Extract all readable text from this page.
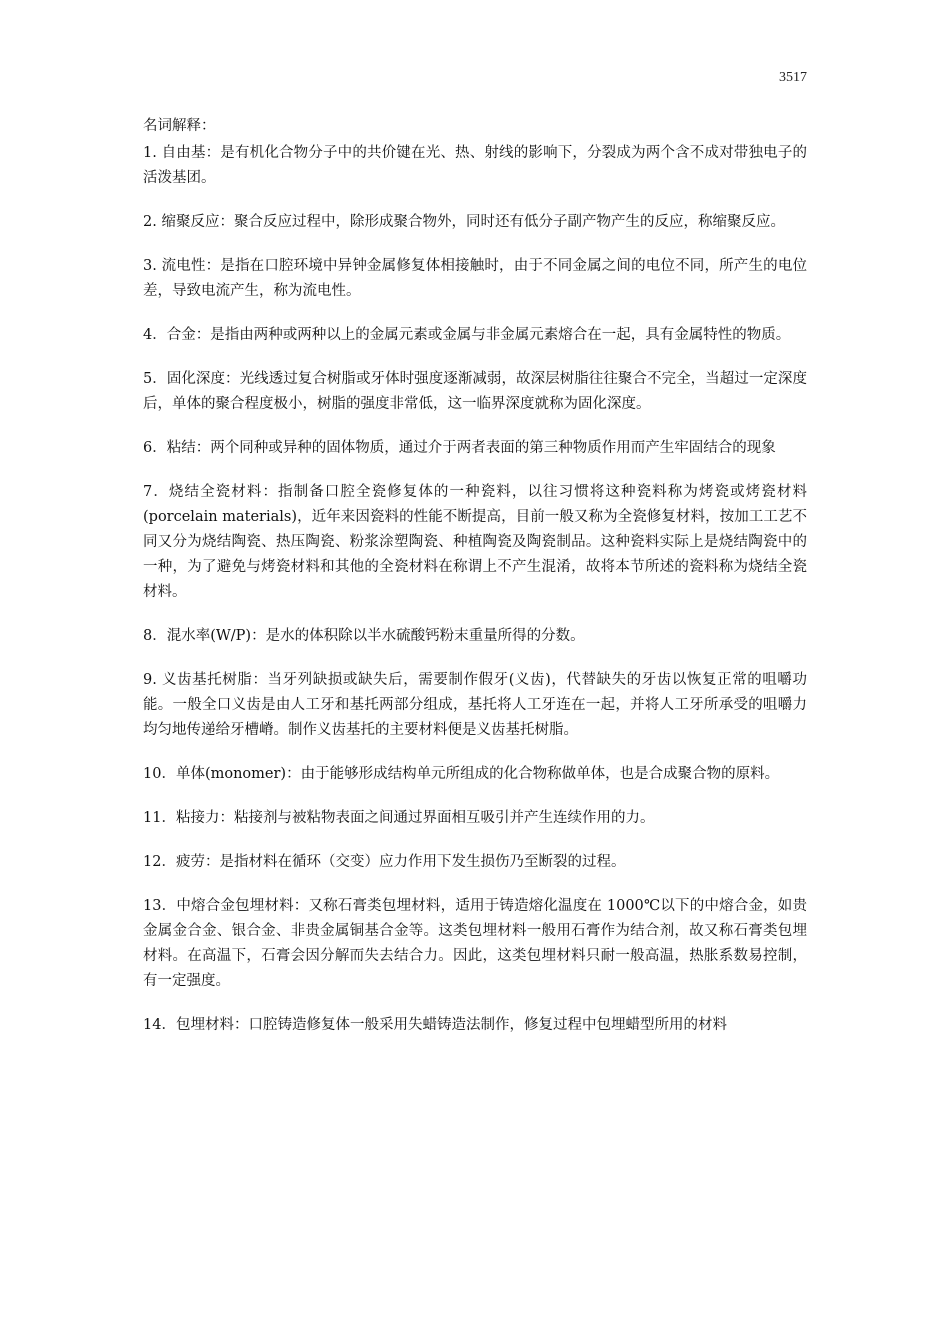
3517

名词解释：

1. 自由基：是有机化合物分子中的共价键在光、热、射线的影响下，分裂成为两个含不成对带独电子的活泼基团。

2. 缩聚反应：聚合反应过程中，除形成聚合物外，同时还有低分子副产物产生的反应，称缩聚反应。

3. 流电性：是指在口腔环境中异钟金属修复体相接触时，由于不同金属之间的电位不同，所产生的电位差，导致电流产生，称为流电性。

4．合金：是指由两种或两种以上的金属元素或金属与非金属元素熔合在一起，具有金属特性的物质。

5．固化深度：光线透过复合树脂或牙体时强度逐渐减弱，故深层树脂往往聚合不完全，当超过一定深度后，单体的聚合程度极小，树脂的强度非常低，这一临界深度就称为固化深度。

6．粘结：两个同种或异种的固体物质，通过介于两者表面的第三种物质作用而产生牢固结合的现象

7．烧结全瓷材料：指制备口腔全瓷修复体的一种瓷料，以往习惯将这种瓷料称为烤瓷或烤瓷材料(porcelain materials)，近年来因瓷料的性能不断提高，目前一般又称为全瓷修复材料，按加工工艺不同又分为烧结陶瓷、热压陶瓷、粉浆涂塑陶瓷、种植陶瓷及陶瓷制品。这种瓷料实际上是烧结陶瓷中的一种，为了避免与烤瓷材料和其他的全瓷材料在称谓上不产生混淆，故将本节所述的瓷料称为烧结全瓷材料。

8．混水率(W/P)：是水的体积除以半水硫酸钙粉末重量所得的分数。

9. 义齿基托树脂：当牙列缺损或缺失后，需要制作假牙(义齿)，代替缺失的牙齿以恢复正常的咀嚼功能。一般全口义齿是由人工牙和基托两部分组成，基托将人工牙连在一起，并将人工牙所承受的咀嚼力均匀地传递给牙槽嵴。制作义齿基托的主要材料便是义齿基托树脂。

10．单体(monomer)：由于能够形成结构单元所组成的化合物称做单体，也是合成聚合物的原料。

11．粘接力：粘接剂与被粘物表面之间通过界面相互吸引并产生连续作用的力。

12．疲劳：是指材料在循环（交变）应力作用下发生损伤乃至断裂的过程。

13．中熔合金包埋材料：又称石膏类包埋材料，适用于铸造熔化温度在 1000℃以下的中熔合金，如贵金属金合金、银合金、非贵金属铜基合金等。这类包埋材料一般用石膏作为结合剂，故又称石膏类包埋材料。在高温下，石膏会因分解而失去结合力。因此，这类包埋材料只耐一般高温，热胀系数易控制，有一定强度。

14．包埋材料：口腔铸造修复体一般采用失蜡铸造法制作，修复过程中包埋蜡型所用的材料
